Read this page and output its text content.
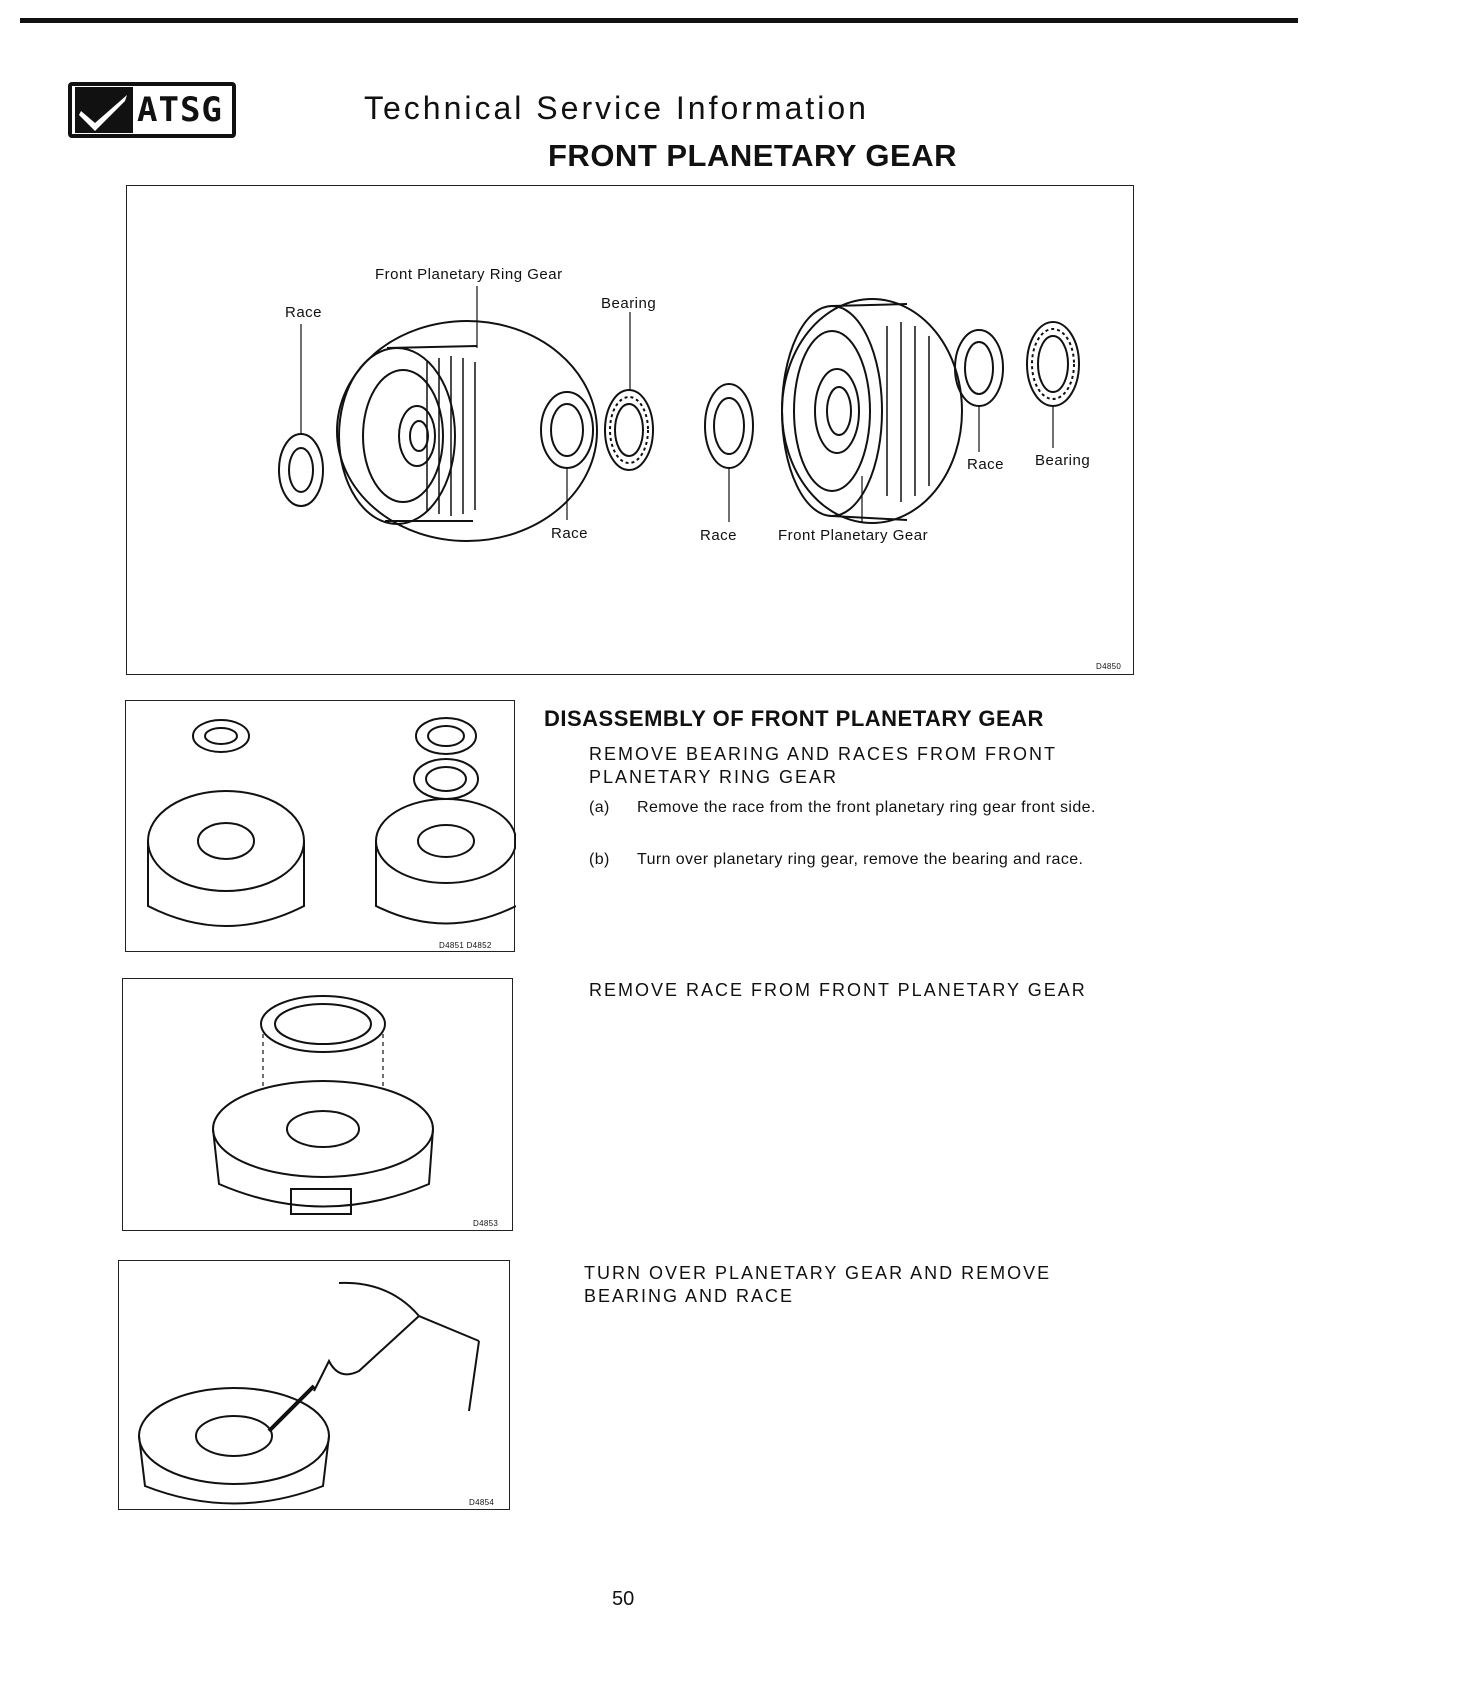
ATSG	Technical Service Information
FRONT PLANETARY GEAR
Front Planetary Ring Gear
Race
Bearing
Race	Race	Front Planetary Gear
Race Bearing
D4850
D4851 D4852
D4853
D4854
DISASSEMBLY OF FRONT PLANETARY GEAR
REMOVE BEARING AND RACES FROM FRONT
PLANETARY RING GEAR
(a) Remove the race from the front planetary ring gear front side.
(b) Turn over planetary ring gear, remove the bearing and race.
REMOVE RACE FROM FRONT PLANETARY GEAR
TURN OVER PLANETARY GEAR AND REMOVE
BEARING AND RACE
50
